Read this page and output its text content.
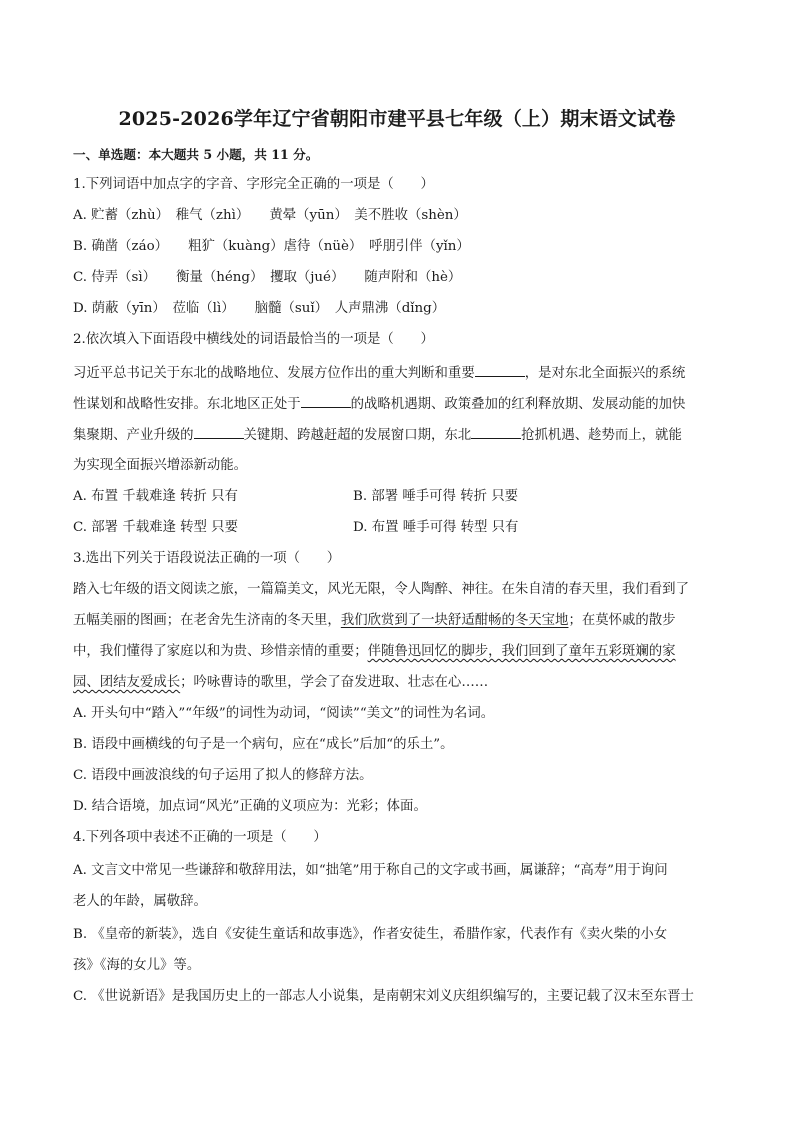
2025-2026学年辽宁省朝阳市建平县七年级（上）期末语文试卷
一、单选题：本大题共 5 小题，共 11 分。
1.下列词语中加点字的字音、字形完全正确的一项是（　　）
A. 贮蓄（zhù）　稚气（zhì）　　黄晕（yūn）　美不胜收（shèn）
B. 确凿（záo）　　粗犷（kuàng）虐待（nüè）　呼朋引伴（yǐn）
C. 侍弄（sì）　　衡量（héng）　攫取（jué）　　随声附和（hè）
D. 荫蔽（yīn）　莅临（lì）　　脑髓（suǐ）　人声鼎沸（dǐng）
2.依次填入下面语段中横线处的词语最恰当的一项是（　　）
习近平总书记关于东北的战略地位、发展方位作出的重大判断和重要	，是对东北全面振兴的系统
性谋划和战略性安排。东北地区正处于	的战略机遇期、政策叠加的红利释放期、发展动能的加快
集聚期、产业升级的	关键期、跨越赶超的发展窗口期，东北	抢抓机遇、趁势而上，就能
为实现全面振兴增添新动能。
A. 布置 千载难逢 转折 只有	B. 部署 唾手可得 转折 只要
C. 部署 千载难逢 转型 只要	D. 布置 唾手可得 转型 只有
3.选出下列关于语段说法正确的一项（　　）
踏入七年级的语文阅读之旅，一篇篇美文，风光无限，令人陶醉、神往。在朱自清的春天里，我们看到了
五幅美丽的图画；在老舍先生济南的冬天里，我们欣赏到了一块舒适酣畅的冬天宝地；在莫怀戚的散步
中，我们懂得了家庭以和为贵、珍惜亲情的重要；伴随鲁迅回忆的脚步，我们回到了童年五彩斑斓的家
园、团结友爱成长；吟咏曹诗的歌里，学会了奋发进取、壮志在心……
A. 开头句中“踏入”“年级”的词性为动词，“阅读”“美文”的词性为名词。
B. 语段中画横线的句子是一个病句，应在“成长”后加“的乐土”。
C. 语段中画波浪线的句子运用了拟人的修辞方法。
D. 结合语境，加点词“风光”正确的义项应为：光彩；体面。
4.下列各项中表述不正确的一项是（　　）
A. 文言文中常见一些谦辞和敬辞用法，如“拙笔”用于称自己的文字或书画，属谦辞；“高寿”用于询问
老人的年龄，属敬辞。
B. 《皇帝的新装》，选自《安徒生童话和故事选》，作者安徒生，希腊作家，代表作有《卖火柴的小女
孩》《海的女儿》等。
C. 《世说新语》是我国历史上的一部志人小说集，是南朝宋刘义庆组织编写的，主要记载了汉末至东晋士
